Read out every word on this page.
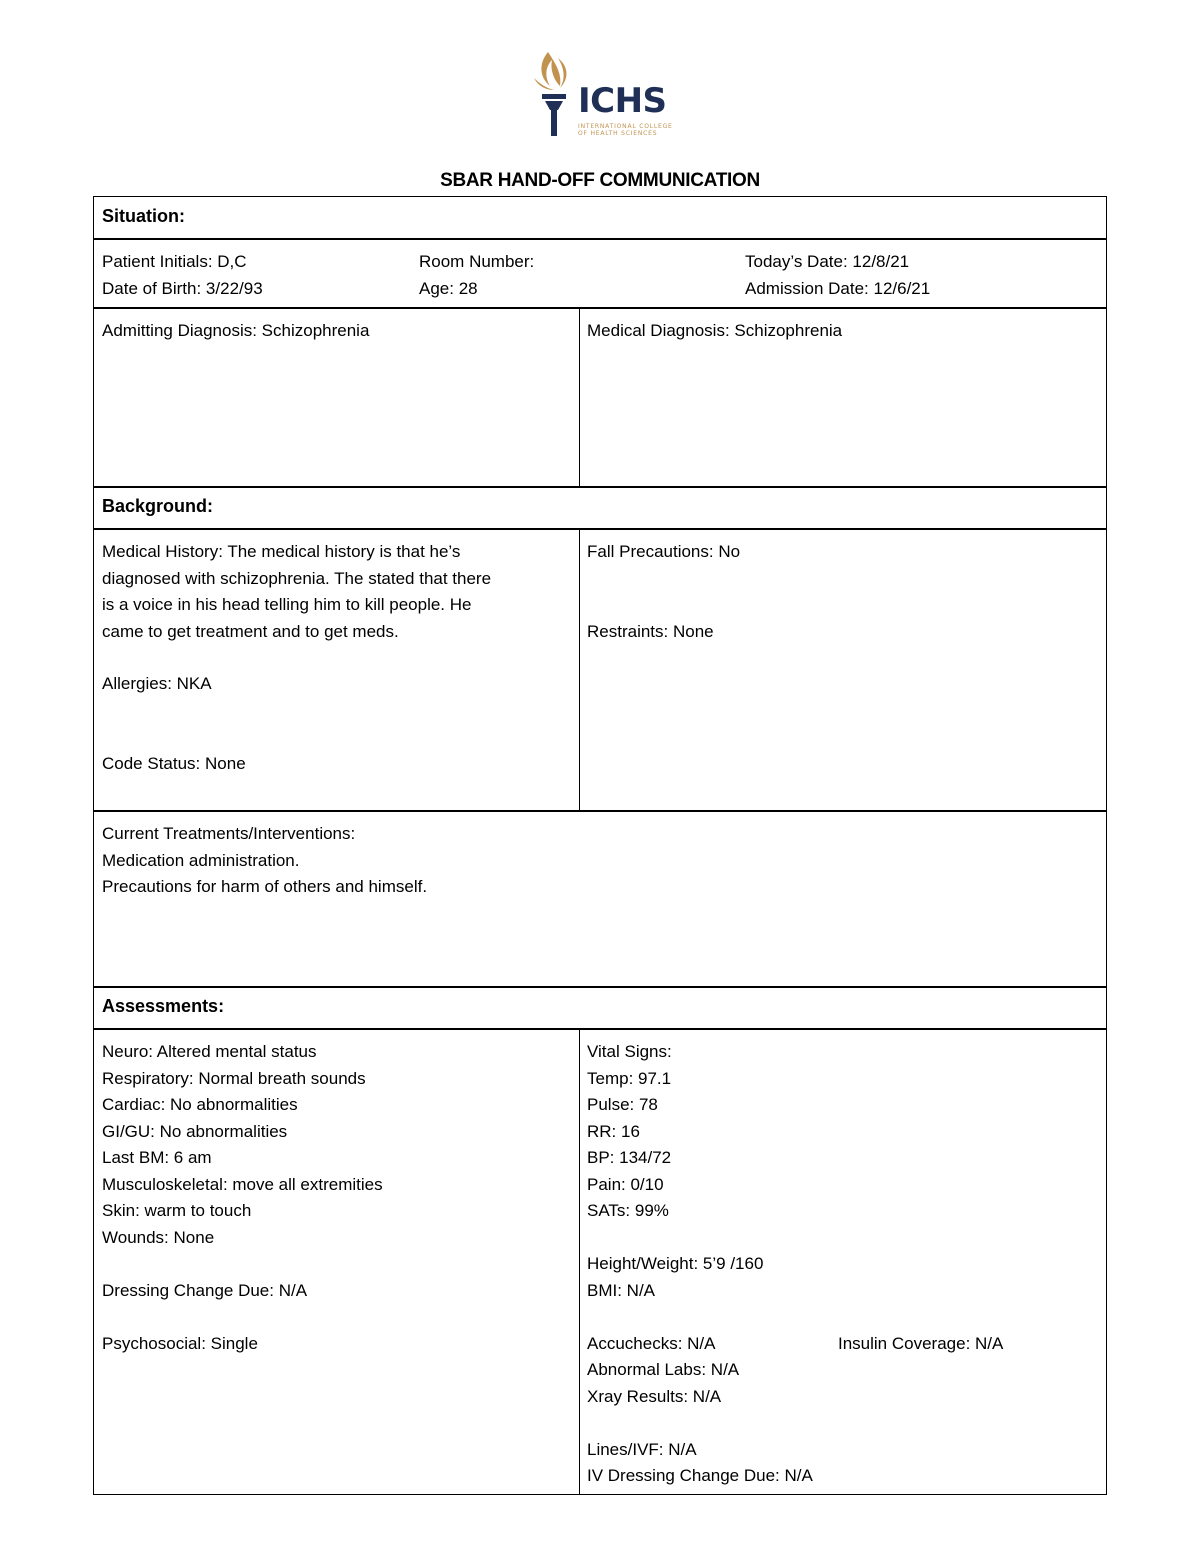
ICHS
INTERNATIONAL COLLEGE
OF HEALTH SCIENCES
SBAR HAND-OFF COMMUNICATION
Situation:
Patient Initials: D,C
Date of Birth: 3/22/93
Room Number:
Age: 28
Today’s Date: 12/8/21
Admission Date: 12/6/21
Admitting Diagnosis: Schizophrenia	Medical Diagnosis: Schizophrenia
Background:
Medical History: The medical history is that he’s
diagnosed with schizophrenia. The stated that there
is a voice in his head telling him to kill people. He
came to get treatment and to get meds.
Allergies: NKA
Code Status: None
Fall Precautions: No
Restraints: None
Current Treatments/Interventions:
Medication administration.
Precautions for harm of others and himself.
Assessments:
Neuro: Altered mental status
Respiratory: Normal breath sounds
Cardiac: No abnormalities
GI/GU: No abnormalities
Last BM: 6 am
Musculoskeletal: move all extremities
Skin: warm to touch
Wounds: None
Dressing Change Due: N/A
Psychosocial: Single
Vital Signs:
Temp: 97.1
Pulse: 78
RR: 16
BP: 134/72
Pain: 0/10
SATs: 99%
Height/Weight: 5’9 /160
BMI: N/A
Accuchecks: N/A	Insulin Coverage: N/A
Abnormal Labs: N/A
Xray Results: N/A
Lines/IVF: N/A
IV Dressing Change Due: N/A
